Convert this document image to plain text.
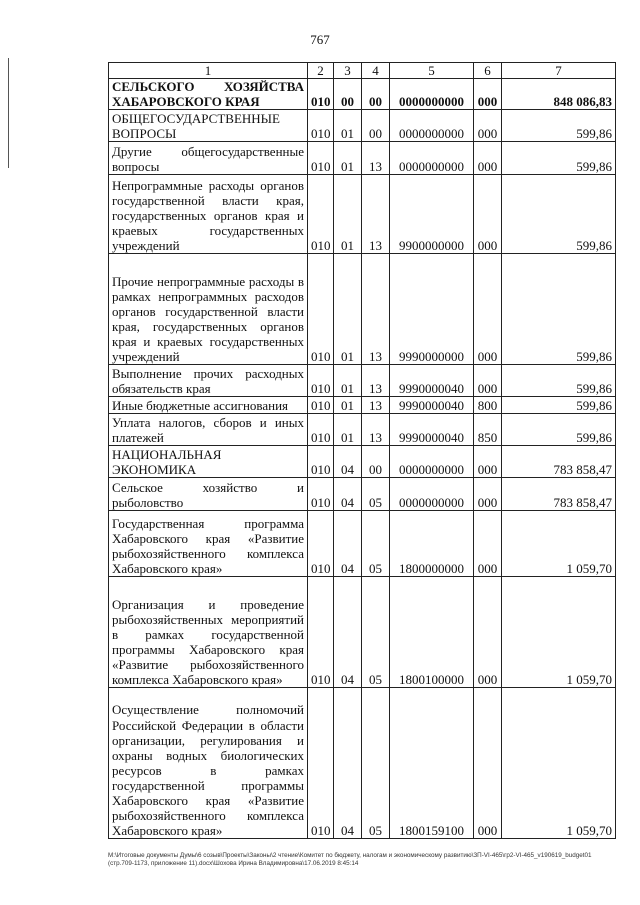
767
1	2	3	4	5	6	7
СЕЛЬСКОГО ХОЗЯЙСТВА ХАБАРОВСКОГО КРАЯ	010	00	00	0000000000	000	848 086,83
ОБЩЕГОСУДАРСТВЕННЫЕ ВОПРОСЫ	010	01	00	0000000000	000	599,86
Другие общегосударственные вопросы	010	01	13	0000000000	000	599,86
Непрограммные расходы органов государственной власти края, государственных органов края и краевых государственных учреждений	010	01	13	9900000000	000	599,86
Прочие непрограммные расходы в рамках непрограммных расходов органов государственной власти края, государственных органов края и краевых государственных учреждений	010	01	13	9990000000	000	599,86
Выполнение прочих расходных обязательств края	010	01	13	9990000040	000	599,86
Иные бюджетные ассигнования	010	01	13	9990000040	800	599,86
Уплата налогов, сборов и иных платежей	010	01	13	9990000040	850	599,86
НАЦИОНАЛЬНАЯ ЭКОНОМИКА	010	04	00	0000000000	000	783 858,47
Сельское хозяйство и рыболовство	010	04	05	0000000000	000	783 858,47
Государственная программа Хабаровского края «Развитие рыбохозяйственного комплекса Хабаровского края»	010	04	05	1800000000	000	1 059,70
Организация и проведение рыбохозяйственных мероприятий в рамках государственной программы Хабаровского края «Развитие рыбохозяйственного комплекса Хабаровского края»	010	04	05	1800100000	000	1 059,70
Осуществление полномочий Российской Федерации в области организации, регулирования и охраны водных биологических ресурсов в рамках государственной программы Хабаровского края «Развитие рыбохозяйственного комплекса Хабаровского края»	010	04	05	1800159100	000	1 059,70
М:\Итоговые документы Думы\6 созыв\Проекты\Законы\2 чтение\Комитет по бюджету, налогам и экономическому развитию\ЗП-VI-465\гр2-VI-465_v190619_budget01 (стр.709-1173, приложение 11).docx\Шохова Ирина Владимировна\17.06.2019 8:45:14
